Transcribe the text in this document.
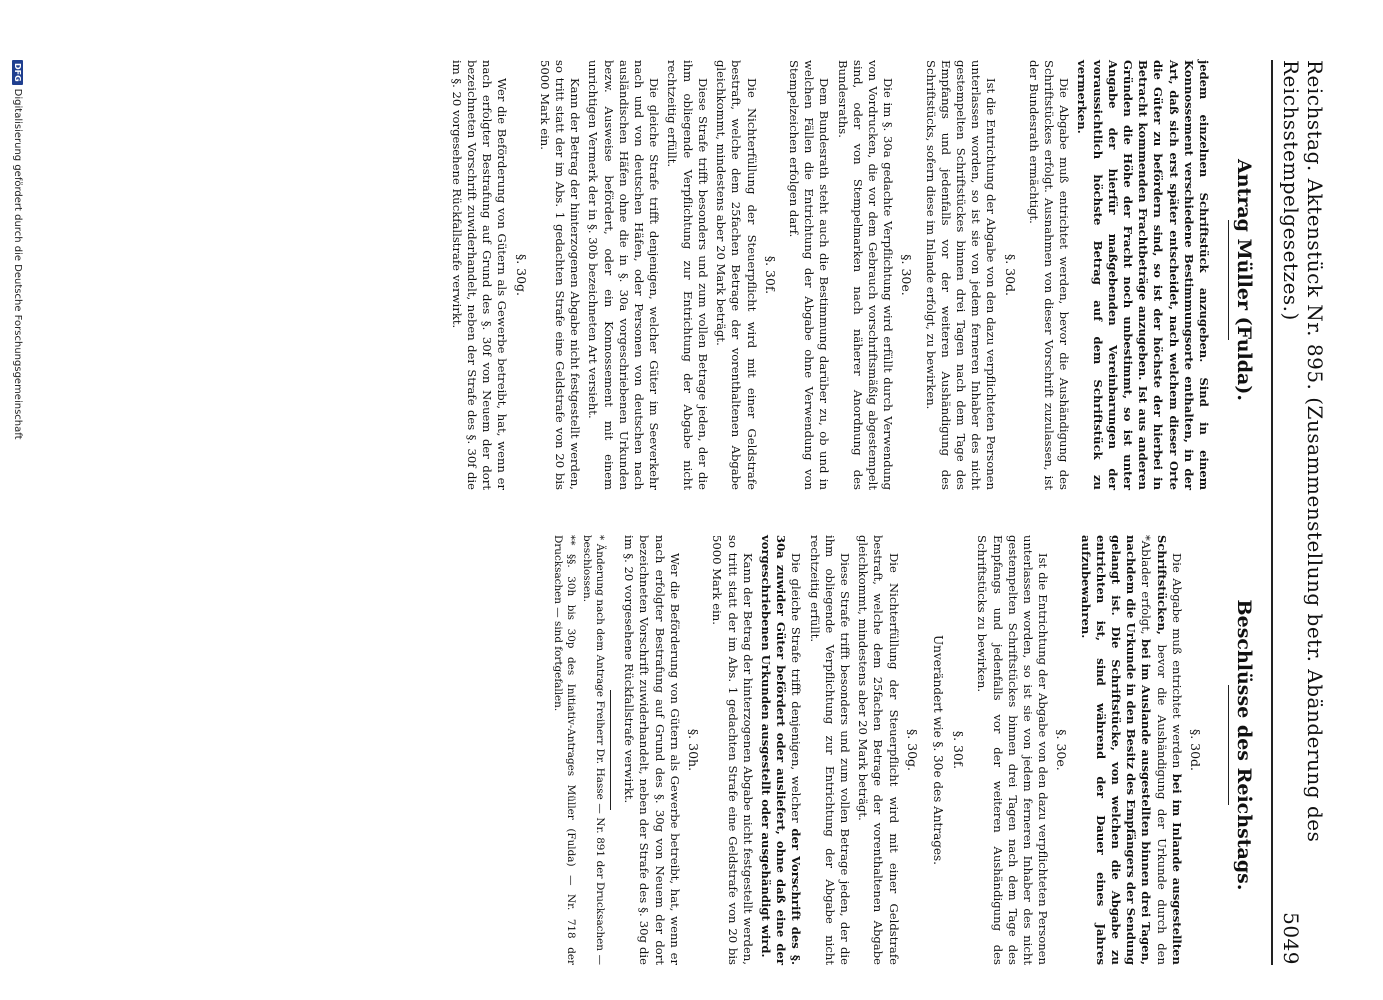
Reichstag. Aktenstück Nr. 895. (Zusammenstellung betr. Abänderung des Reichsstempelgesetzes.)
5049
Antrag Müller (Fulda).

jedem einzelnen Schriftstück anzugeben. Sind in einem Konnossement verschiedene Bestimmungsorte enthalten, in der Art, daß sich erst später entscheidet, nach welchem dieser Orte die Güter zu befördern sind, so ist der höchste der hierbei in Betracht kommenden Frachtbeträge anzugeben. Ist aus anderen Gründen die Höhe der Fracht noch unbestimmt, so ist unter Angabe der hierfür maßgebenden Vereinbarungen der voraussichtlich höchste Betrag auf dem Schriftstück zu vermerken.

Die Abgabe muß entrichtet werden, bevor die Aushändigung des Schriftstückes erfolgt. Ausnahmen von dieser Vorschrift zuzulassen, ist der Bundesrath ermächtigt.

§. 30d.

Ist die Entrichtung der Abgabe von den dazu verpflichteten Personen unterlassen worden, so ist sie von jedem ferneren Inhaber des nicht gestempelten Schriftstückes binnen drei Tagen nach dem Tage des Empfangs und jedenfalls vor der weiteren Aushändigung des Schriftstücks, sofern diese im Inlande erfolgt, zu bewirken.

§. 30e.

Die im §. 30a gedachte Verpflichtung wird erfüllt durch Verwendung von Vordrucken, die vor dem Gebrauch vorschriftsmäßig abgestempelt sind, oder von Stempelmarken nach näherer Anordnung des Bundesraths.

Dem Bundesrath steht auch die Bestimmung darüber zu, ob und in welchen Fällen die Entrichtung der Abgabe ohne Verwendung von Stempelzeichen erfolgen darf.

§. 30f.

Die Nichterfüllung der Steuerpflicht wird mit einer Geldstrafe bestraft, welche dem 25fachen Betrage der vorenthaltenen Abgabe gleichkommt, mindestens aber 20 Mark beträgt.

Diese Strafe trifft besonders und zum vollen Betrage jeden, der die ihm obliegende Verpflichtung zur Entrichtung der Abgabe nicht rechtzeitig erfüllt.

Die gleiche Strafe trifft denjenigen, welcher Güter im Seeverkehr nach und von deutschen Häfen, oder Personen von deutschen nach ausländischen Häfen ohne die in §. 30a vorgeschriebenen Urkunden bezw. Ausweise befördert, oder ein Konnossement mit einem unrichtigen Vermerk der in §. 30b bezeichneten Art versieht.

Kann der Betrag der hinterzogenen Abgabe nicht festgestellt werden, so tritt statt der im Abs. 1 gedachten Strafe eine Geldstrafe von 20 bis 5000 Mark ein.

§. 30g.

Wer die Beförderung von Gütern als Gewerbe betreibt, hat, wenn er nach erfolgter Bestrafung auf Grund des §. 30f von Neuem der dort bezeichneten Vorschrift zuwiderhandelt, neben der Strafe des §. 30f die im §. 20 vorgesehene Rückfallstrafe verwirkt.

Beschlüsse des Reichstags.
§. 30d.

Die Abgabe muß entrichtet werden bei im Inlande ausgestellten Schriftstücken, bevor die Aushändigung der Urkunde durch den *Ablader erfolgt, bei im Auslande ausgestellten binnen drei Tagen, nachdem die Urkunde in den Besitz des Empfängers der Sendung gelangt ist. Die Schriftstücke, von welchen die Abgabe zu entrichten ist, sind während der Dauer eines Jahres aufzubewahren.

§. 30e.

Ist die Entrichtung der Abgabe von den dazu verpflichteten Personen unterlassen worden, so ist sie von jedem ferneren Inhaber des nicht gestempelten Schriftstückes binnen drei Tagen nach dem Tage des Empfangs und jedenfalls vor der weiteren Aushändigung des Schriftstücks zu bewirken.

§. 30f.
Unverändert wie §. 30e des Antrages.
§. 30g.

Die Nichterfüllung der Steuerpflicht wird mit einer Geldstrafe bestraft, welche dem 25fachen Betrage der vorenthaltenen Abgabe gleichkommt, mindestens aber 20 Mark beträgt.

Diese Strafe trifft besonders und zum vollen Betrage jeden, der die ihm obliegende Verpflichtung zur Entrichtung der Abgabe nicht rechtzeitig erfüllt.

Die gleiche Strafe trifft denjenigen, welcher der Vorschrift des §. 30a zuwider Güter befördert oder ausliefert, ohne daß eine der vorgeschriebenen Urkunden ausgestellt oder ausgehändigt wird.

Kann der Betrag der hinterzogenen Abgabe nicht festgestellt werden, so tritt statt der im Abs. 1 gedachten Strafe eine Geldstrafe von 20 bis 5000 Mark ein.

§. 30h.

Wer die Beförderung von Gütern als Gewerbe betreibt, hat, wenn er nach erfolgter Bestrafung auf Grund des §. 30g von Neuem der dort bezeichneten Vorschrift zuwiderhandelt, neben der Strafe des §. 30g die im §. 20 vorgesehene Rückfallstrafe verwirkt.

* Änderung nach dem Antrage Freiherr Dr. Hasse — Nr. 891 der Drucksachen — beschlossen.

** §§. 30h bis 30p des Initiativ-Antrages Müller (Fulda) — Nr. 718 der Drucksachen — sind fortgefallen.

DFG
Digitalisierung gefördert durch die Deutsche Forschungsgemeinschaft
